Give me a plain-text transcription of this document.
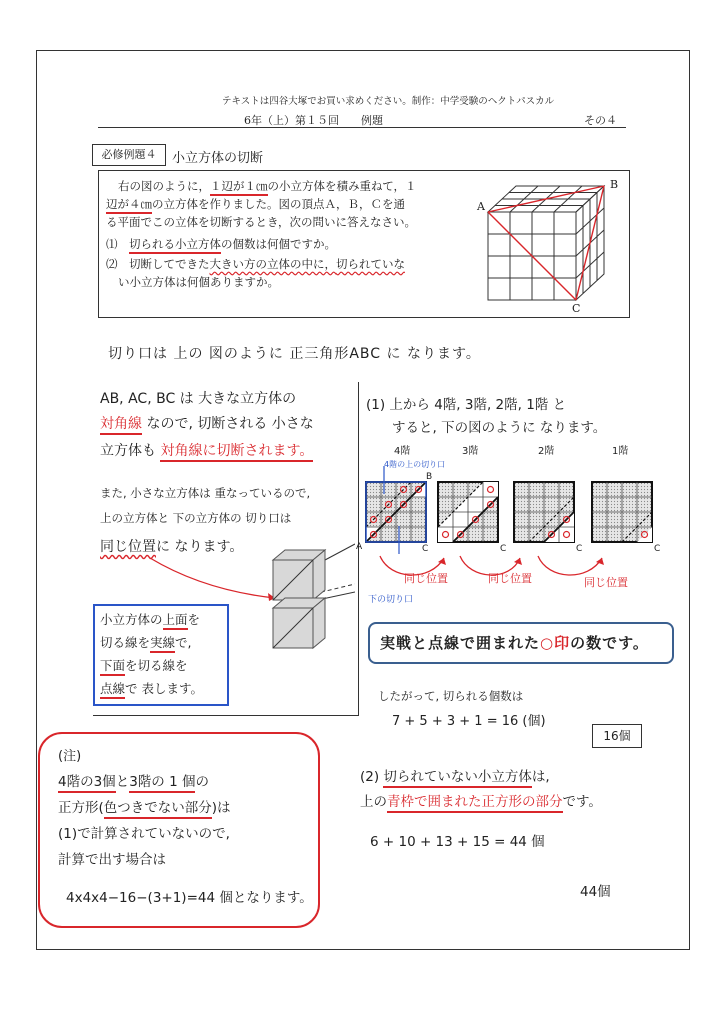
テキストは四谷大塚でお買い求めください。制作：中学受験のヘクトパスカル
6年（上）第１５回　　例題	その４
必修例題４	小立方体の切断
右の図のように，１辺が１㎝の小立方体を積み重ねて，１
辺が４㎝の立方体を作りました。図の頂点Ａ，Ｂ，Ｃを通
る平面でこの立体を切断するとき，次の問いに答えなさい。
⑴　 切られる小立方体の個数は何個ですか。
⑵　 切断してできた大きい方の立体の中に，切られていな
い小立方体は何個ありますか。
A
B
C
切り口は 上の 図のように 正三角形ABC に なります。
AB, AC, BC は 大きな立方体の
対角線 なので, 切断される 小さな
立方体も 対角線に切断されます。
また, 小さな立方体は 重なっているので,
上の立方体と 下の立方体の 切り口は
同じ位置に なります。
小立方体の上面を
切る線を実線で,
下面を切る線を
点線で 表します。
(1) 上から 4階, 3階, 2階, 1階 と
すると, 下の図のように なります。
4階	3階	2階	1階
4階の上の切り口
B
A	C	C	C	C
同じ位置	同じ位置	同じ位置
下の切り口
実戦と点線で囲まれた○印の数です。
したがって, 切られる個数は
7 + 5 + 3 + 1 = 16 (個)
16個
(注)
4階の3個と3階の 1 個の
正方形(色つきでない部分)は
(1)で計算されていないので,
計算で出す場合は
4x4x4−16−(3+1)=44 個となります。
(2) 切られていない小立方体は,
上の青枠で囲まれた正方形の部分です。
6 + 10 + 13 + 15 = 44 個
44個
